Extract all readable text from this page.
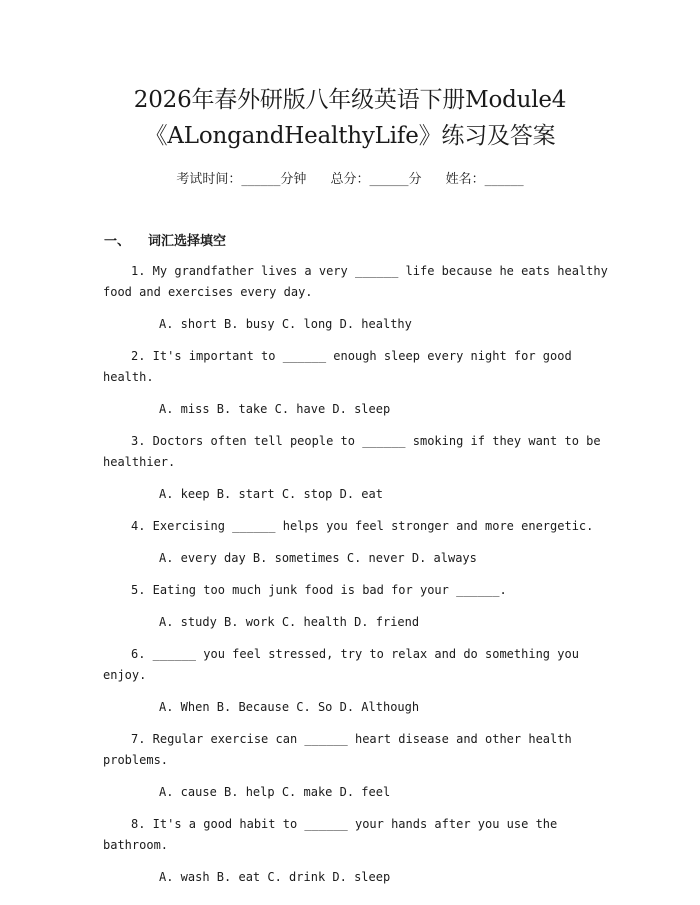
2026年春外研版八年级英语下册Module4
《ALongandHealthyLife》练习及答案
考试时间：______分钟 总分：______分 姓名：______
一、 词汇选择填空
1. My grandfather lives a very ______ life because he eats healthy food and exercises every day.
A. short B. busy C. long D. healthy
2. It's important to ______ enough sleep every night for good health.
A. miss B. take C. have D. sleep
3. Doctors often tell people to ______ smoking if they want to be healthier.
A. keep B. start C. stop D. eat
4. Exercising ______ helps you feel stronger and more energetic.
A. every day B. sometimes C. never D. always
5. Eating too much junk food is bad for your ______.
A. study B. work C. health D. friend
6. ______ you feel stressed, try to relax and do something you enjoy.
A. When B. Because C. So D. Although
7. Regular exercise can ______ heart disease and other health problems.
A. cause B. help C. make D. feel
8. It's a good habit to ______ your hands after you use the bathroom.
A. wash B. eat C. drink D. sleep
